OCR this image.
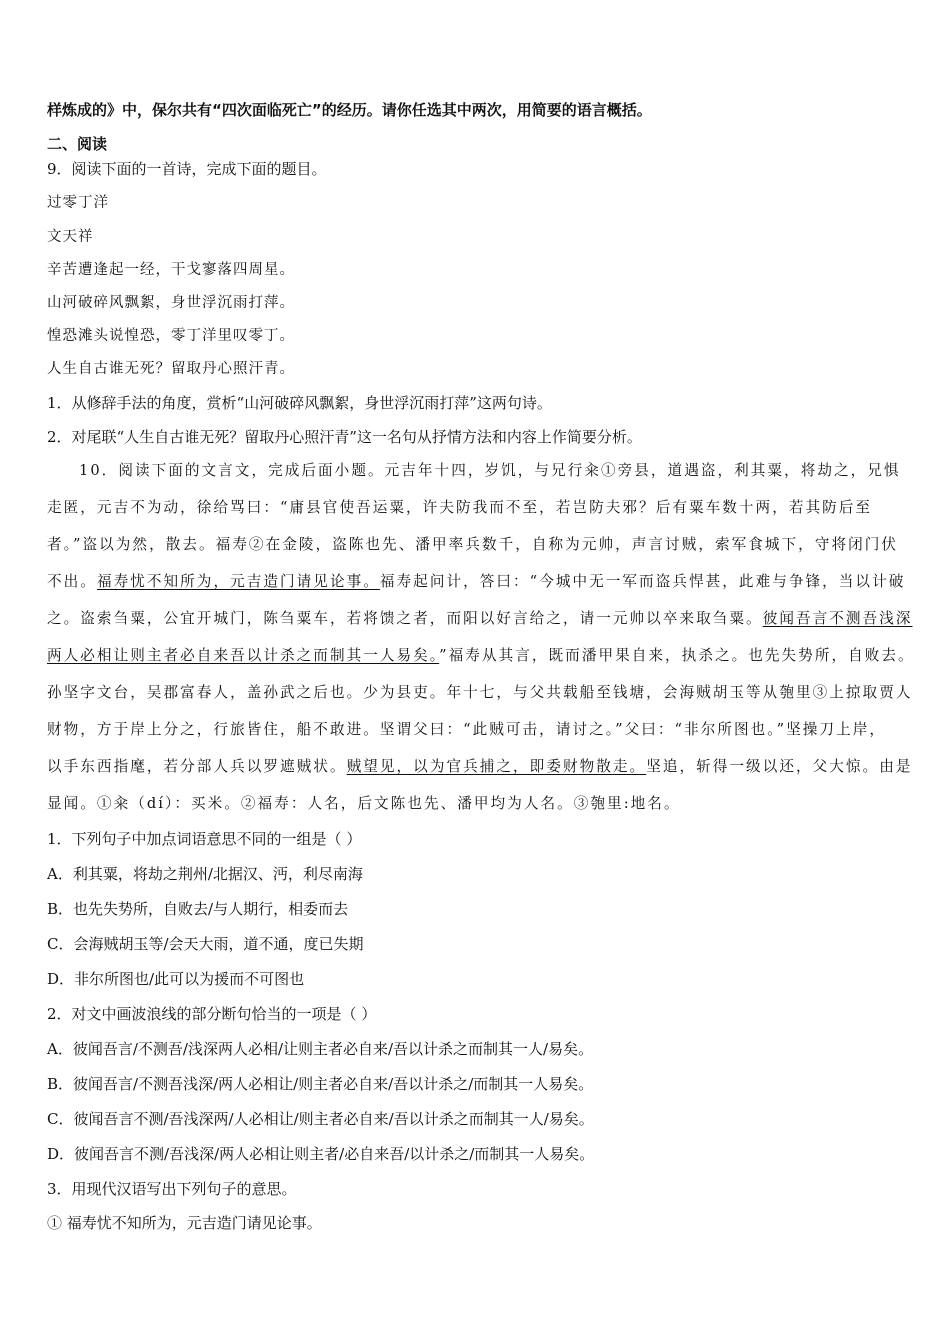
样炼成的》中，保尔共有“四次面临死亡”的经历。请你任选其中两次，用简要的语言概括。
二、阅读
9．阅读下面的一首诗，完成下面的题目。
过零丁洋
文天祥
辛苦遭逢起一经，干戈寥落四周星。
山河破碎风飘絮，身世浮沉雨打萍。
惶恐滩头说惶恐，零丁洋里叹零丁。
人生自古谁无死？留取丹心照汗青。
1．从修辞手法的角度，赏析“山河破碎风飘絮，身世浮沉雨打萍”这两句诗。
2．对尾联“人生自古谁无死？留取丹心照汗青”这一名句从抒情方法和内容上作简要分析。
10．阅读下面的文言文，完成后面小题。元吉年十四，岁饥，与兄行籴①旁县，道遇盗，利其粟，将劫之，兄惧
走匿，元吉不为动，徐给骂曰：“庸县官使吾运粟，许夫防我而不至，若岂防夫邪？后有粟车数十两，若其防后至
者。”盗以为然，散去。福寿②在金陵，盗陈也先、潘甲率兵数千，自称为元帅，声言讨贼，索军食城下，守将闭门伏
不出。福寿忧不知所为，元吉造门请见论事。福寿起问计，答曰：“今城中无一军而盗兵悍甚，此难与争锋，当以计破
之。盗索刍粟，公宜开城门，陈刍粟车，若将馈之者，而阳以好言给之，请一元帅以卒来取刍粟。彼闻吾言不测吾浅深
两人必相让则主者必自来吾以计杀之而制其一人易矣。”福寿从其言，既而潘甲果自来，执杀之。也先失势所，自败去。
孙坚字文台，吴郡富春人，盖孙武之后也。少为县吏。年十七，与父共载船至钱塘，会海贼胡玉等从匏里③上掠取贾人
财物，方于岸上分之，行旅皆住，船不敢进。坚谓父曰：“此贼可击，请讨之。”父曰：“非尔所图也。”坚操刀上岸，
以手东西指麾，若分部人兵以罗遮贼状。贼望见，以为官兵捕之，即委财物散走。坚追，斩得一级以还，父大惊。由是
显闻。①籴（dí）：买米。②福寿：人名，后文陈也先、潘甲均为人名。③匏里:地名。
1．下列句子中加点词语意思不同的一组是（ ）
A．利其粟，将劫之荆州/北据汉、沔，利尽南海
B．也先失势所，自败去/与人期行，相委而去
C．会海贼胡玉等/会天大雨，道不通，度已失期
D．非尔所图也/此可以为援而不可图也
2．对文中画波浪线的部分断句恰当的一项是（ ）
A．彼闻吾言/不测吾/浅深两人必相/让则主者必自来/吾以计杀之而制其一人/易矣。
B．彼闻吾言/不测吾浅深/两人必相让/则主者必自来/吾以计杀之/而制其一人易矣。
C．彼闻吾言不测/吾浅深两/人必相让/则主者必自来/吾以计杀之而制其一人/易矣。
D．彼闻吾言不测/吾浅深/两人必相让则主者/必自来吾/以计杀之/而制其一人易矣。
3．用现代汉语写出下列句子的意思。
① 福寿忧不知所为，元吉造门请见论事。
